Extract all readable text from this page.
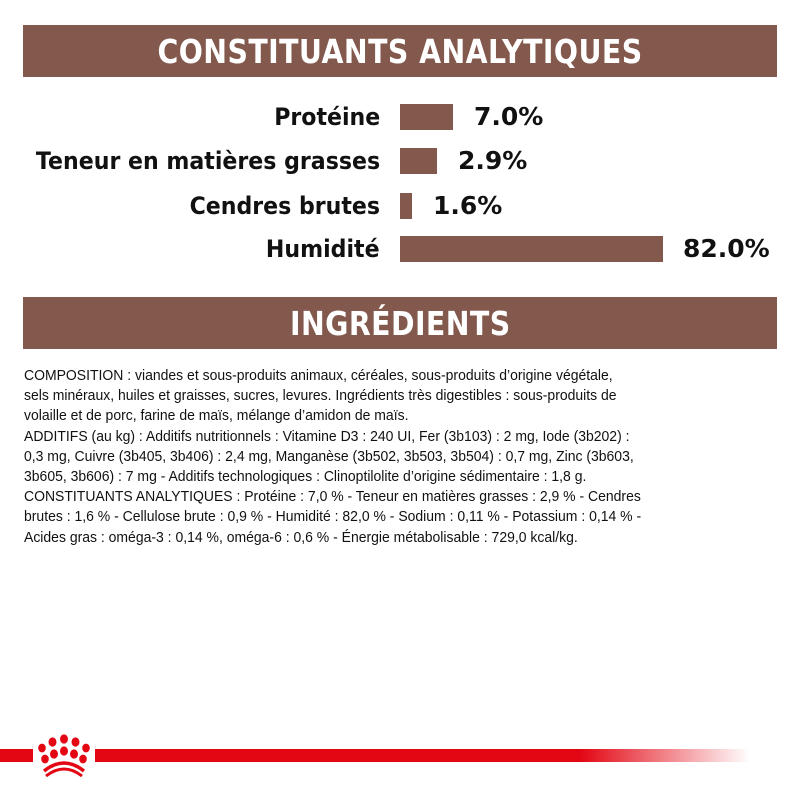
CONSTITUANTS ANALYTIQUES
Protéine	7.0%
Teneur en matières grasses	2.9%
Cendres brutes 1.6%
Humidité	82.0%
INGRÉDIENTS

COMPOSITION : viandes et sous-produits animaux, céréales, sous-produits d’origine végétale,

sels minéraux, huiles et graisses, sucres, levures. Ingrédients très digestibles : sous-produits de

volaille et de porc, farine de maïs, mélange d’amidon de maïs.

ADDITIFS (au kg) : Additifs nutritionnels : Vitamine D3 : 240 UI, Fer (3b103) : 2 mg, Iode (3b202) :

0,3 mg, Cuivre (3b405, 3b406) : 2,4 mg, Manganèse (3b502, 3b503, 3b504) : 0,7 mg, Zinc (3b603,

3b605, 3b606) : 7 mg - Additifs technologiques : Clinoptilolite d’origine sédimentaire : 1,8 g.

CONSTITUANTS ANALYTIQUES : Protéine : 7,0 % - Teneur en matières grasses : 2,9 % - Cendres

brutes : 1,6 % - Cellulose brute : 0,9 % - Humidité : 82,0 % - Sodium : 0,11 % - Potassium : 0,14 % -

Acides gras : oméga-3 : 0,14 %, oméga-6 : 0,6 % - Énergie métabolisable : 729,0 kcal/kg.
